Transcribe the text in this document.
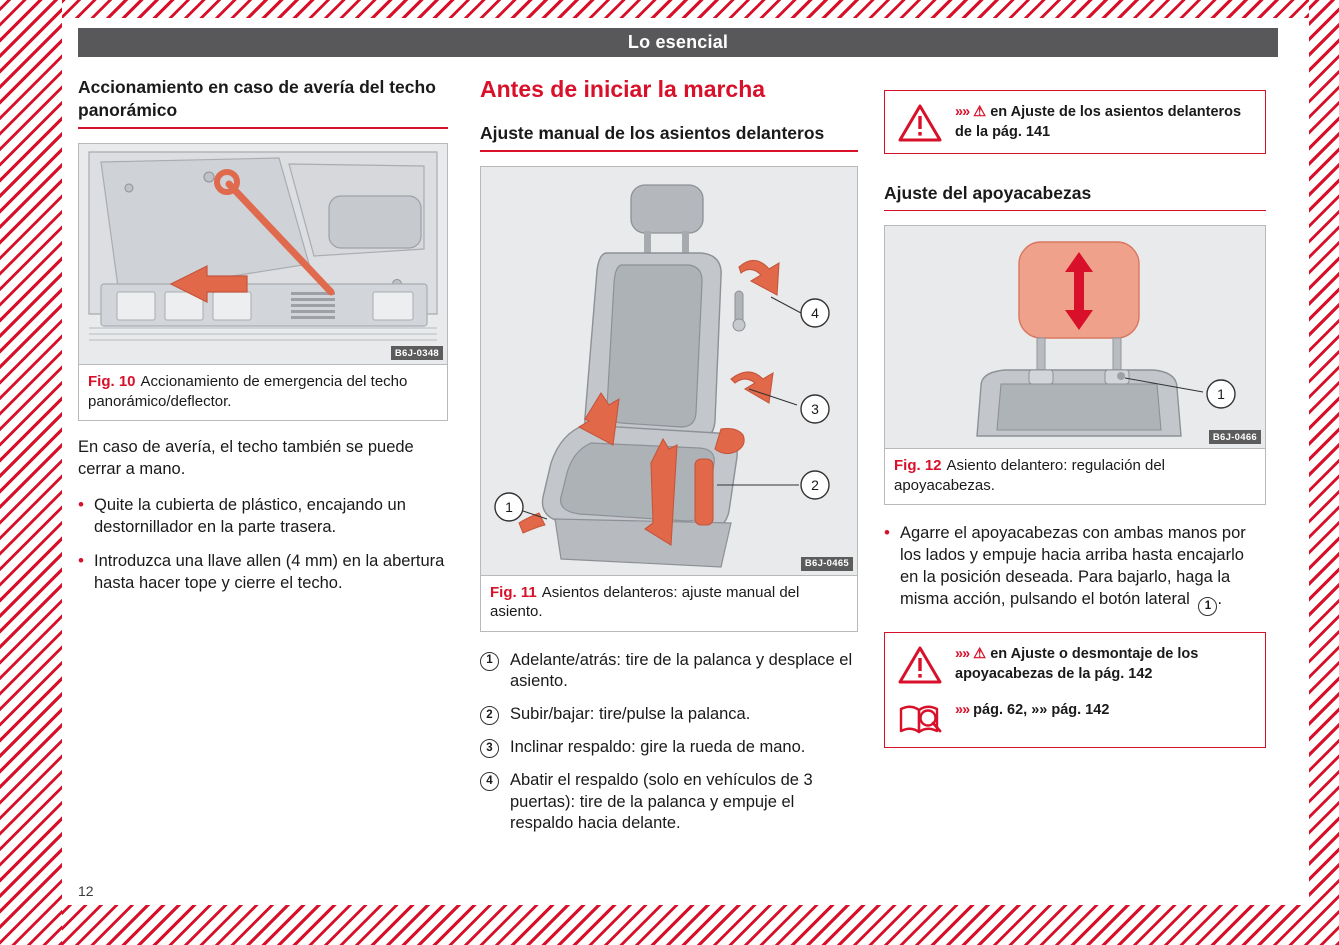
Lo esencial
Accionamiento en caso de avería del techo panorámico
B6J-0348
Fig. 10 Accionamiento de emergencia del techo panorámico/deflector.

En caso de avería, el techo también se puede cerrar a mano.

• Quite la cubierta de plástico, encajando un destornillador en la parte trasera.
• Introduzca una llave allen (4 mm) en la abertura hasta hacer tope y cierre el techo.
Antes de iniciar la marcha
Ajuste manual de los asientos delanteros
4
3
2
1
B6J-0465
Fig. 11 Asientos delanteros: ajuste manual del asiento.
1	Adelante/atrás: tire de la palanca y desplace el asiento.
2	Subir/bajar: tire/pulse la palanca.
3	Inclinar respaldo: gire la rueda de mano.
4	Abatir el respaldo (solo en vehículos de 3 puertas): tire de la palanca y empuje el respaldo hacia delante.
»» ⚠ en Ajuste de los asientos delanteros de la pág. 141
Ajuste del apoyacabezas
1
B6J-0466
Fig. 12 Asiento delantero: regulación del apoyacabezas.
• Agarre el apoyacabezas con ambas manos por los lados y empuje hacia arriba hasta encajarlo en la posición deseada. Para bajarlo, haga la misma acción, pulsando el botón lateral 1 .
»» ⚠ en Ajuste o desmontaje de los apoyacabezas de la pág. 142
»» pág. 62, »» pág. 142
12
